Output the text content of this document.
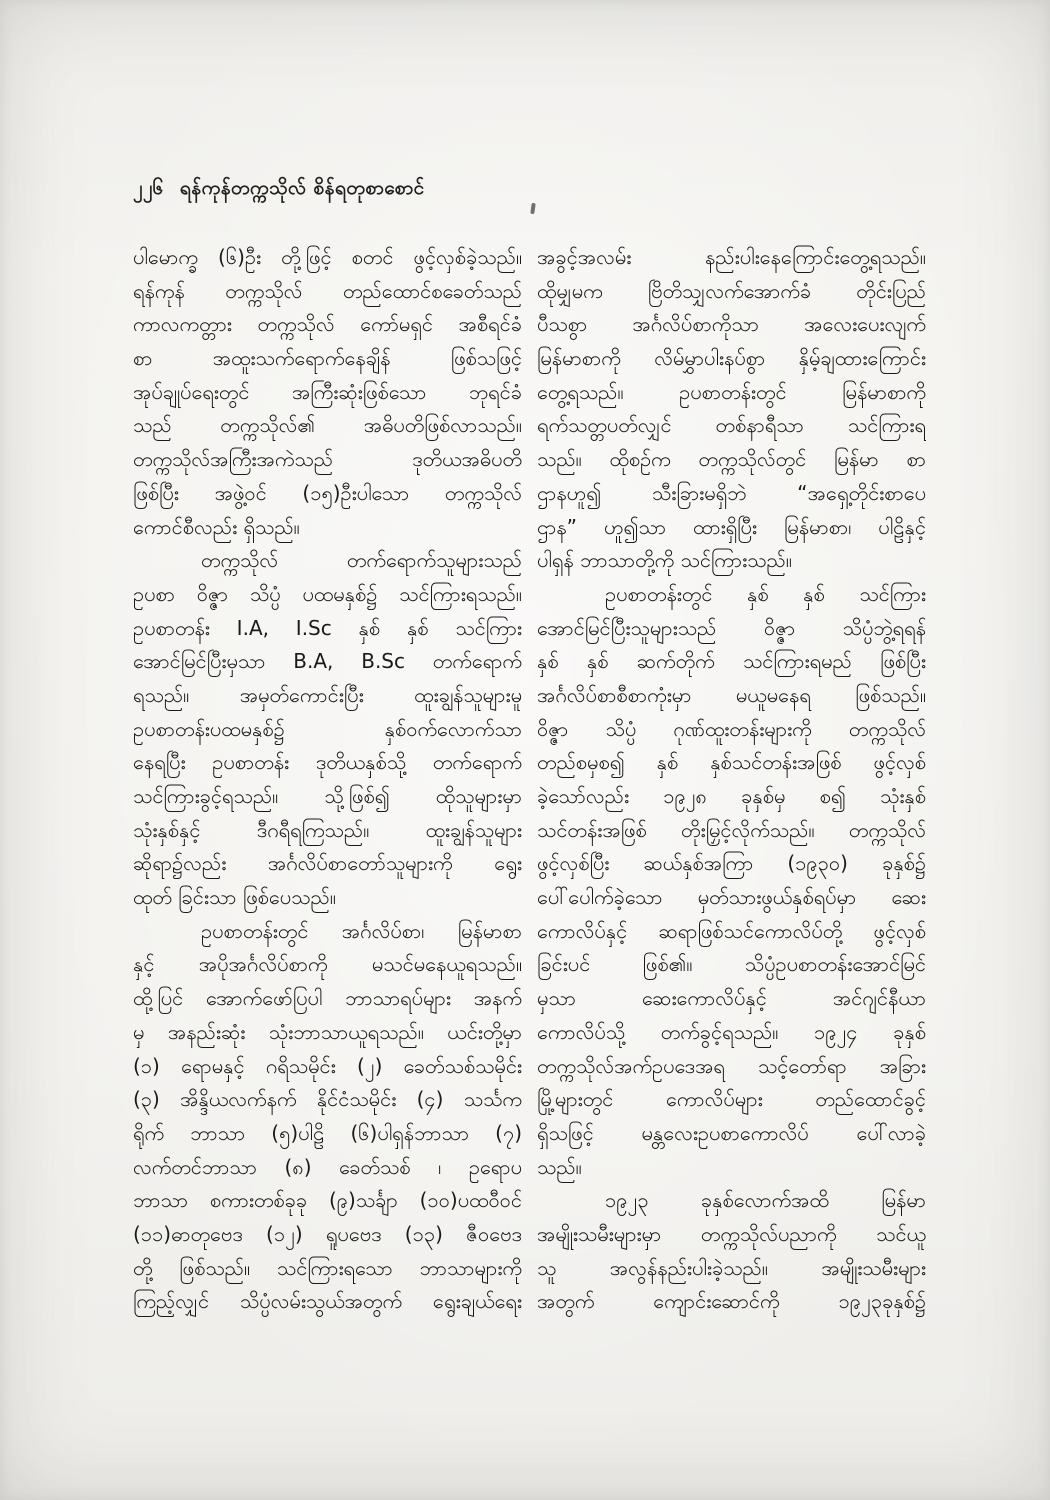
၂၂၆ ရန်ကုန်တက္ကသိုလ် စိန်ရတုစာစောင်
ပါမောက္ခ (၆)ဦး တို့ဖြင့် စတင် ဖွင့်လှစ်ခဲ့သည်။
ရန်ကုန် တက္ကသိုလ် တည်ထောင်စခေတ်သည်
ကာလကတ္တား တက္ကသိုလ် ကော်မရှင် အစီရင်ခံ
စာ အထူးသက်ရောက်နေချိန် ဖြစ်သဖြင့်
အုပ်ချုပ်ရေးတွင် အကြီးဆုံးဖြစ်သော ဘုရင်ခံ
သည် တက္ကသိုလ်၏ အဓိပတိဖြစ်လာသည်။
တက္ကသိုလ်အကြီးအကဲသည် ဒုတိယအဓိပတိ
ဖြစ်ပြီး အဖွဲ့ဝင် (၁၅)ဦးပါသော တက္ကသိုလ်
ကောင်စီလည်း ရှိသည်။
တက္ကသိုလ် တက်ရောက်သူများသည်
ဥပစာ ဝိဇ္ဇာ သိပ္ပံ ပထမနှစ်၌ သင်ကြားရသည်။
ဥပစာတန်း I.A, I.Sc နှစ် နှစ် သင်ကြား
အောင်မြင်ပြီးမှသာ B.A, B.Sc တက်ရောက်
ရသည်။ အမှတ်ကောင်းပြီး ထူးချွန်သူများမူ
ဥပစာတန်းပထမနှစ်၌ နှစ်ဝက်လောက်သာ
နေရပြီး ဥပစာတန်း ဒုတိယနှစ်သို့ တက်ရောက်
သင်ကြားခွင့်ရသည်။ သို့ဖြစ်၍ ထိုသူများမှာ
သုံးနှစ်နှင့် ဒီဂရီရကြသည်။ ထူးချွန်သူများ
ဆိုရာ၌လည်း အင်္ဂလိပ်စာတော်သူများကို ရွေး
ထုတ် ခြင်းသာ ဖြစ်ပေသည်။
ဥပစာတန်းတွင် အင်္ဂလိပ်စာ၊ မြန်မာစာ
နှင့် အပိုအင်္ဂလိပ်စာကို မသင်မနေယူရသည်။
ထို့ပြင် အောက်ဖော်ပြပါ ဘာသာရပ်များ အနက်
မှ အနည်းဆုံး သုံးဘာသာယူရသည်။ ယင်းတို့မှာ
(၁) ရောမနှင့် ဂရိသမိုင်း (၂) ခေတ်သစ်သမိုင်း
(၃) အိန္ဒိယလက်နက် နိုင်ငံသမိုင်း (၄) သင်္သက
ရိုက် ဘာသာ (၅)ပါဠိ (၆)ပါရှန်ဘာသာ (၇)
လက်တင်ဘာသာ (၈) ခေတ်သစ် ၊ ဥရောပ
ဘာသာ စကားတစ်ခုခု (၉)သင်္ချာ (၁၀)ပထဝီဝင်
(၁၁)ဓာတုဗေဒ (၁၂) ရူပဗေဒ (၁၃) ဇီဝဗေဒ
တို့ ဖြစ်သည်။ သင်ကြားရသော ဘာသာများကို
ကြည့်လျှင် သိပ္ပံလမ်းသွယ်အတွက် ရွေးချယ်ရေး
အခွင့်အလမ်း နည်းပါးနေကြောင်းတွေ့ရသည်။
ထိုမျှမက ဗြိတိသျှလက်အောက်ခံ တိုင်းပြည်
ပီသစွာ အင်္ဂလိပ်စာကိုသာ အလေးပေးလျက်
မြန်မာစာကို လိမ်မွှာပါးနပ်စွာ နှိမ့်ချထားကြောင်း
တွေ့ရသည်။ ဥပစာတန်းတွင် မြန်မာစာကို
ရက်သတ္တပတ်လျှင် တစ်နာရီသာ သင်ကြားရ
သည်။ ထိုစဉ်က တက္ကသိုလ်တွင် မြန်မာ စာ
ဌာနဟူ၍ သီးခြားမရှိဘဲ “အရှေ့တိုင်းစာပေ
ဌာန” ဟူ၍သာ ထားရှိပြီး မြန်မာစာ၊ ပါဠိနှင့်
ပါရှန် ဘာသာတို့ကို သင်ကြားသည်။
ဥပစာတန်းတွင် နှစ် နှစ် သင်ကြား
အောင်မြင်ပြီးသူများသည် ဝိဇ္ဇာ သိပ္ပံဘွဲ့ရရန်
နှစ် နှစ် ဆက်တိုက် သင်ကြားရမည် ဖြစ်ပြီး
အင်္ဂလိပ်စာစီစာကုံးမှာ မယူမနေရ ဖြစ်သည်။
ဝိဇ္ဇာ သိပ္ပံ ဂုဏ်ထူးတန်းများကို တက္ကသိုလ်
တည်စမှစ၍ နှစ် နှစ်သင်တန်းအဖြစ် ဖွင့်လှစ်
ခဲ့သော်လည်း ၁၉၂၈ ခုနှစ်မှ စ၍ သုံးနှစ်
သင်တန်းအဖြစ် တိုးမြှင့်လိုက်သည်။ တက္ကသိုလ်
ဖွင့်လှစ်ပြီး ဆယ်နှစ်အကြာ (၁၉၃၀) ခုနှစ်၌
ပေါ်ပေါက်ခဲ့သော မှတ်သားဖွယ်နှစ်ရပ်မှာ ဆေး
ကောလိပ်နှင့် ဆရာဖြစ်သင်ကောလိပ်တို့ ဖွင့်လှစ်
ခြင်းပင် ဖြစ်၏။ သိပ္ပံဥပစာတန်းအောင်မြင်
မှသာ ဆေးကောလိပ်နှင့် အင်ဂျင်နီယာ
ကောလိပ်သို့ တက်ခွင့်ရသည်။ ၁၉၂၄ ခုနှစ်
တက္ကသိုလ်အက်ဥပဒေအရ သင့်တော်ရာ အခြား
မြို့များတွင် ကောလိပ်များ တည်ထောင်ခွင့်
ရှိသဖြင့် မန္တလေးဥပစာကောလိပ် ပေါ်လာခဲ့
သည်။
၁၉၂၃ ခုနှစ်လောက်အထိ မြန်မာ
အမျိုးသမီးများမှာ တက္ကသိုလ်ပညာကို သင်ယူ
သူ အလွန်နည်းပါးခဲ့သည်။ အမျိုးသမီးများ
အတွက် ကျောင်းဆောင်ကို ၁၉၂၃ခုနှစ်၌
